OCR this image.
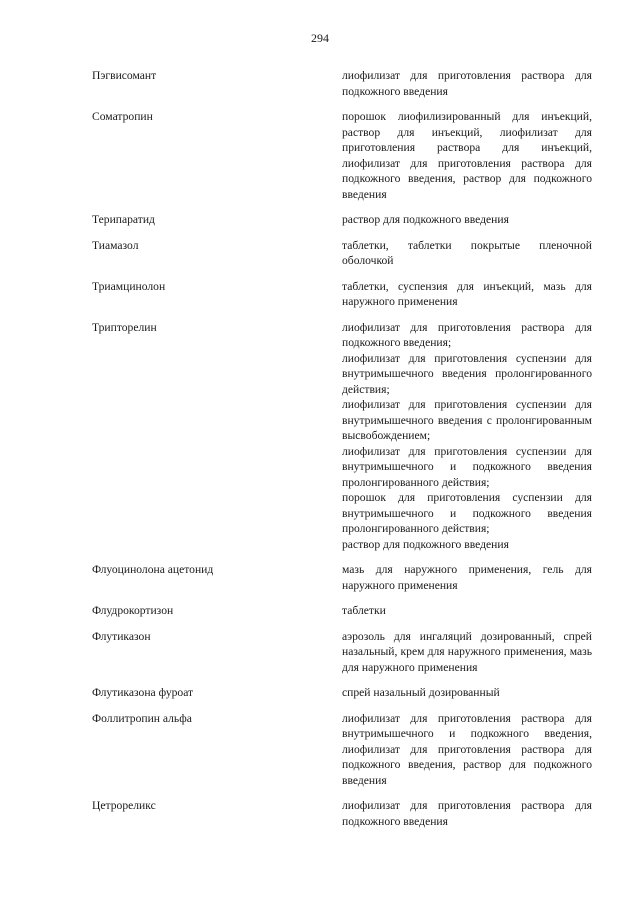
294
Пэгвисомант	лиофилизат для приготовления раствора для подкожного введения
Соматропин	порошок лиофилизированный для инъекций, раствор для инъекций, лиофилизат для приготовления раствора для инъекций, лиофилизат для приготовления раствора для подкожного введения, раствор для подкожного введения
Терипаратид	раствор для подкожного введения
Тиамазол	таблетки, таблетки покрытые пленочной оболочкой
Триамцинолон	таблетки, суспензия для инъекций, мазь для наружного применения
Трипторелин	лиофилизат для приготовления раствора для подкожного введения;
лиофилизат для приготовления суспензии для внутримышечного введения пролонгированного действия;
лиофилизат для приготовления суспензии для внутримышечного введения с пролонгированным высвобождением;
лиофилизат для приготовления суспензии для внутримышечного и подкожного введения пролонгированного действия;
порошок для приготовления суспензии для внутримышечного и подкожного введения пролонгированного действия;
раствор для подкожного введения
Флуоцинолона ацетонид	мазь для наружного применения, гель для наружного применения
Флудрокортизон	таблетки
Флутиказон	аэрозоль для ингаляций дозированный, спрей назальный, крем для наружного применения, мазь для наружного применения
Флутиказона фуроат	спрей назальный дозированный
Фоллитропин альфа	лиофилизат для приготовления раствора для внутримышечного и подкожного введения, лиофилизат для приготовления раствора для подкожного введения, раствор для подкожного введения
Цетрореликс	лиофилизат для приготовления раствора для подкожного введения
